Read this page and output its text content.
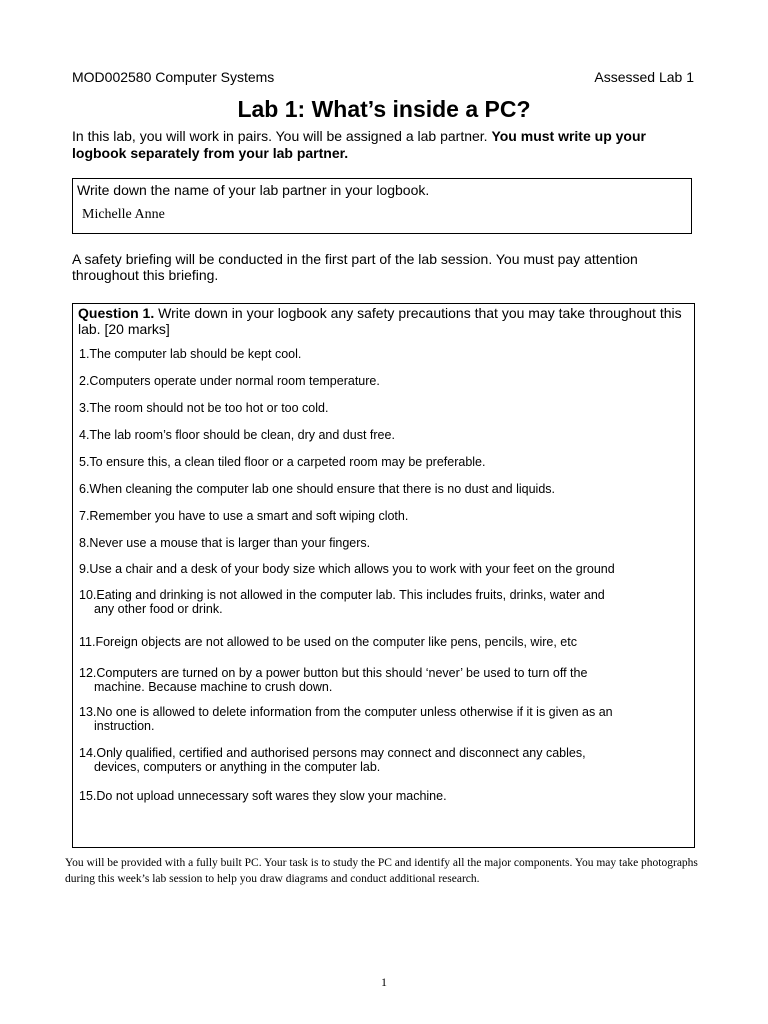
MOD002580 Computer Systems	Assessed Lab 1
Lab 1: What’s inside a PC?
In this lab, you will work in pairs. You will be assigned a lab partner. You must write up your logbook separately from your lab partner.
Write down the name of your lab partner in your logbook.
Michelle Anne
A safety briefing will be conducted in the first part of the lab session. You must pay attention throughout this briefing.
Question 1. Write down in your logbook any safety precautions that you may take throughout this lab. [20 marks]
1.The computer lab should be kept cool.
2.Computers operate under normal room temperature.
3.The room should not be too hot or too cold.
4.The lab room’s floor should be clean, dry and dust free.
5.To ensure this, a clean tiled floor or a carpeted room may be preferable.
6.When cleaning the computer lab one should ensure that there is no dust and liquids.
7.Remember you have to use a smart and soft wiping cloth.
8.Never use a mouse that is larger than your fingers.
9.Use a chair and a desk of your body size which allows you to work with your feet on the ground
10.Eating and drinking is not allowed in the computer lab. This includes fruits, drinks, water and
any other food or drink.
11.Foreign objects are not allowed to be used on the computer like pens, pencils, wire, etc
12.Computers are turned on by a power button but this should ‘never’ be used to turn off the
machine. Because machine to crush down.
13.No one is allowed to delete information from the computer unless otherwise if it is given as an
instruction.
14.Only qualified, certified and authorised persons may connect and disconnect any cables,
devices, computers or anything in the computer lab.
15.Do not upload unnecessary soft wares they slow your machine.
You will be provided with a fully built PC. Your task is to study the PC and identify all the major components. You may take photographs during this week’s lab session to help you draw diagrams and conduct additional research.
1
